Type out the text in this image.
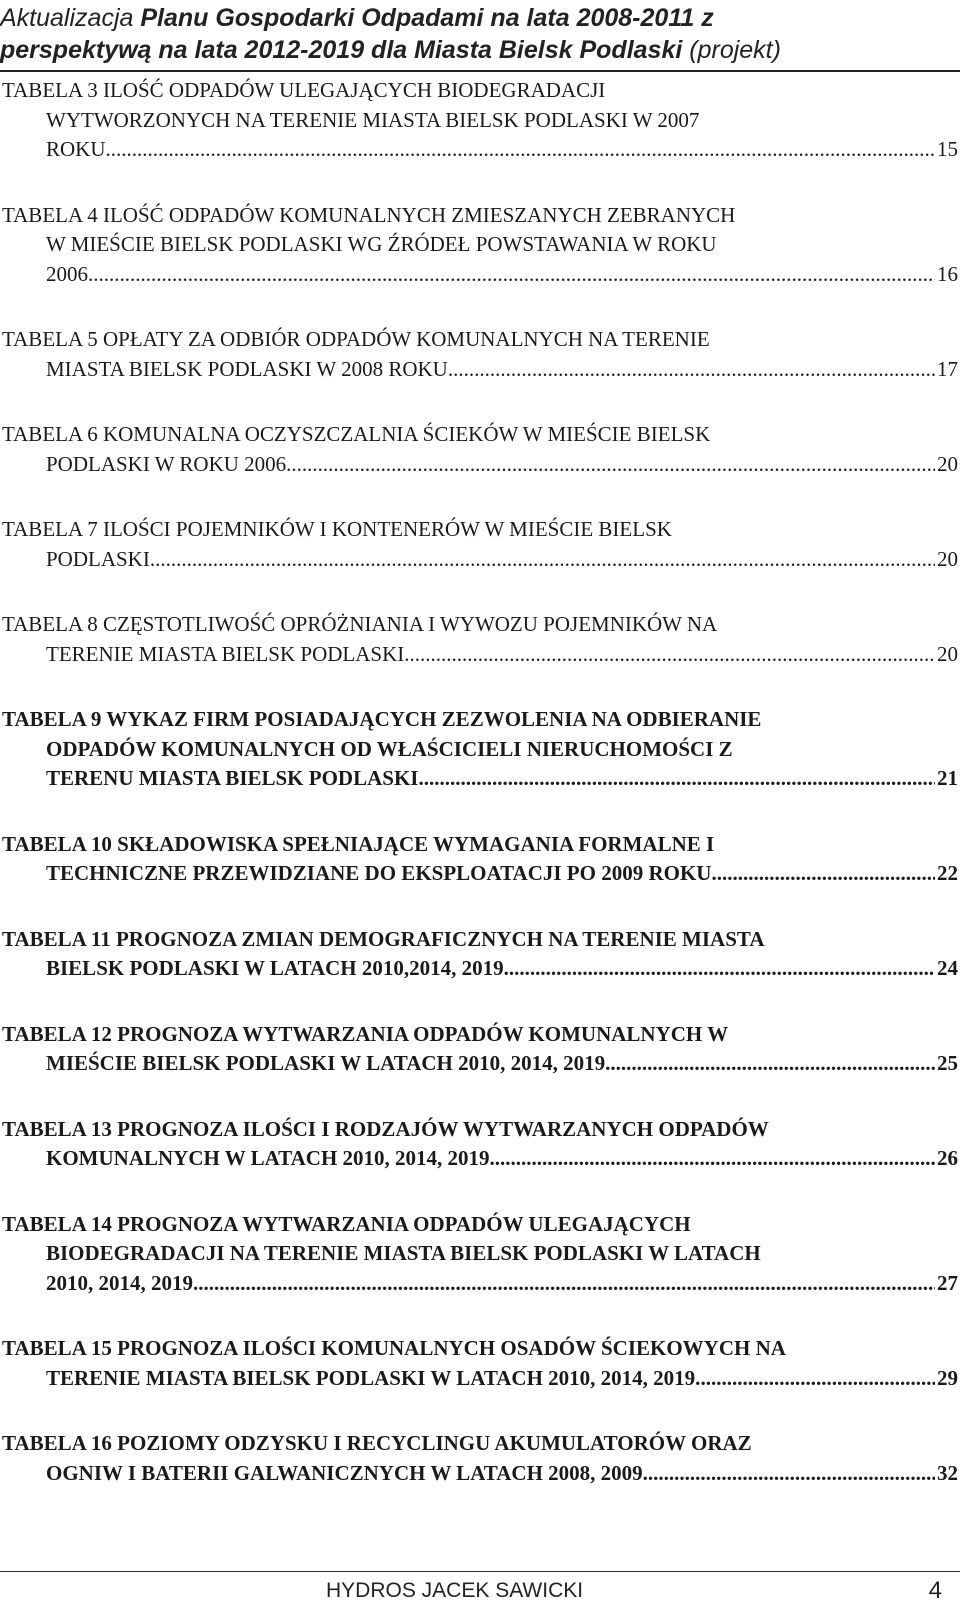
Aktualizacja Planu Gospodarki Odpadami na lata 2008-2011 z
perspektywą na lata 2012-2019 dla Miasta Bielsk Podlaski (projekt)
TABELA 3 ILOŚĆ ODPADÓW ULEGAJĄCYCH BIODEGRADACJI
WYTWORZONYCH NA TERENIE MIASTA BIELSK PODLASKI W 2007
ROKU. .....	15
TABELA 4 ILOŚĆ ODPADÓW KOMUNALNYCH ZMIESZANYCH ZEBRANYCH
W MIEŚCIE BIELSK PODLASKI WG ŹRÓDEŁ POWSTAWANIA W ROKU
2006. .....	16
TABELA 5 OPŁATY ZA ODBIÓR ODPADÓW KOMUNALNYCH NA TERENIE
MIASTA BIELSK PODLASKI W 2008 ROKU .....	17
TABELA 6 KOMUNALNA OCZYSZCZALNIA ŚCIEKÓW W MIEŚCIE BIELSK
PODLASKI W ROKU 2006 .....	20
TABELA 7 ILOŚCI POJEMNIKÓW I KONTENERÓW W MIEŚCIE BIELSK
PODLASKI .....	20
TABELA 8 CZĘSTOTLIWOŚĆ OPRÓŻNIANIA I WYWOZU POJEMNIKÓW NA
TERENIE MIASTA BIELSK PODLASKI .....	20
TABELA 9 WYKAZ FIRM POSIADAJĄCYCH ZEZWOLENIA NA ODBIERANIE
ODPADÓW KOMUNALNYCH OD WŁAŚCICIELI NIERUCHOMOŚCI Z
TERENU MIASTA BIELSK PODLASKI .....	21
TABELA 10 SKŁADOWISKA SPEŁNIAJĄCE WYMAGANIA FORMALNE I
TECHNICZNE PRZEWIDZIANE DO EKSPLOATACJI PO 2009 ROKU. .....	22
TABELA 11 PROGNOZA ZMIAN DEMOGRAFICZNYCH NA TERENIE MIASTA
BIELSK PODLASKI W LATACH 2010,2014, 2019 .....	24
TABELA 12 PROGNOZA WYTWARZANIA ODPADÓW KOMUNALNYCH W
MIEŚCIE BIELSK PODLASKI W LATACH 2010, 2014, 2019 .....	25
TABELA 13 PROGNOZA ILOŚCI I RODZAJÓW WYTWARZANYCH ODPADÓW
KOMUNALNYCH W LATACH 2010, 2014, 2019 .....	26
TABELA 14 PROGNOZA WYTWARZANIA ODPADÓW ULEGAJĄCYCH
BIODEGRADACJI NA TERENIE MIASTA BIELSK PODLASKI W LATACH
2010, 2014, 2019. .....	27
TABELA 15 PROGNOZA ILOŚCI KOMUNALNYCH OSADÓW ŚCIEKOWYCH NA
TERENIE MIASTA BIELSK PODLASKI W LATACH 2010, 2014, 2019. .....	29
TABELA 16 POZIOMY ODZYSKU I RECYCLINGU AKUMULATORÓW ORAZ
OGNIW I BATERII GALWANICZNYCH W LATACH 2008, 2009. .....	32
HYDROS JACEK SAWICKI	4
